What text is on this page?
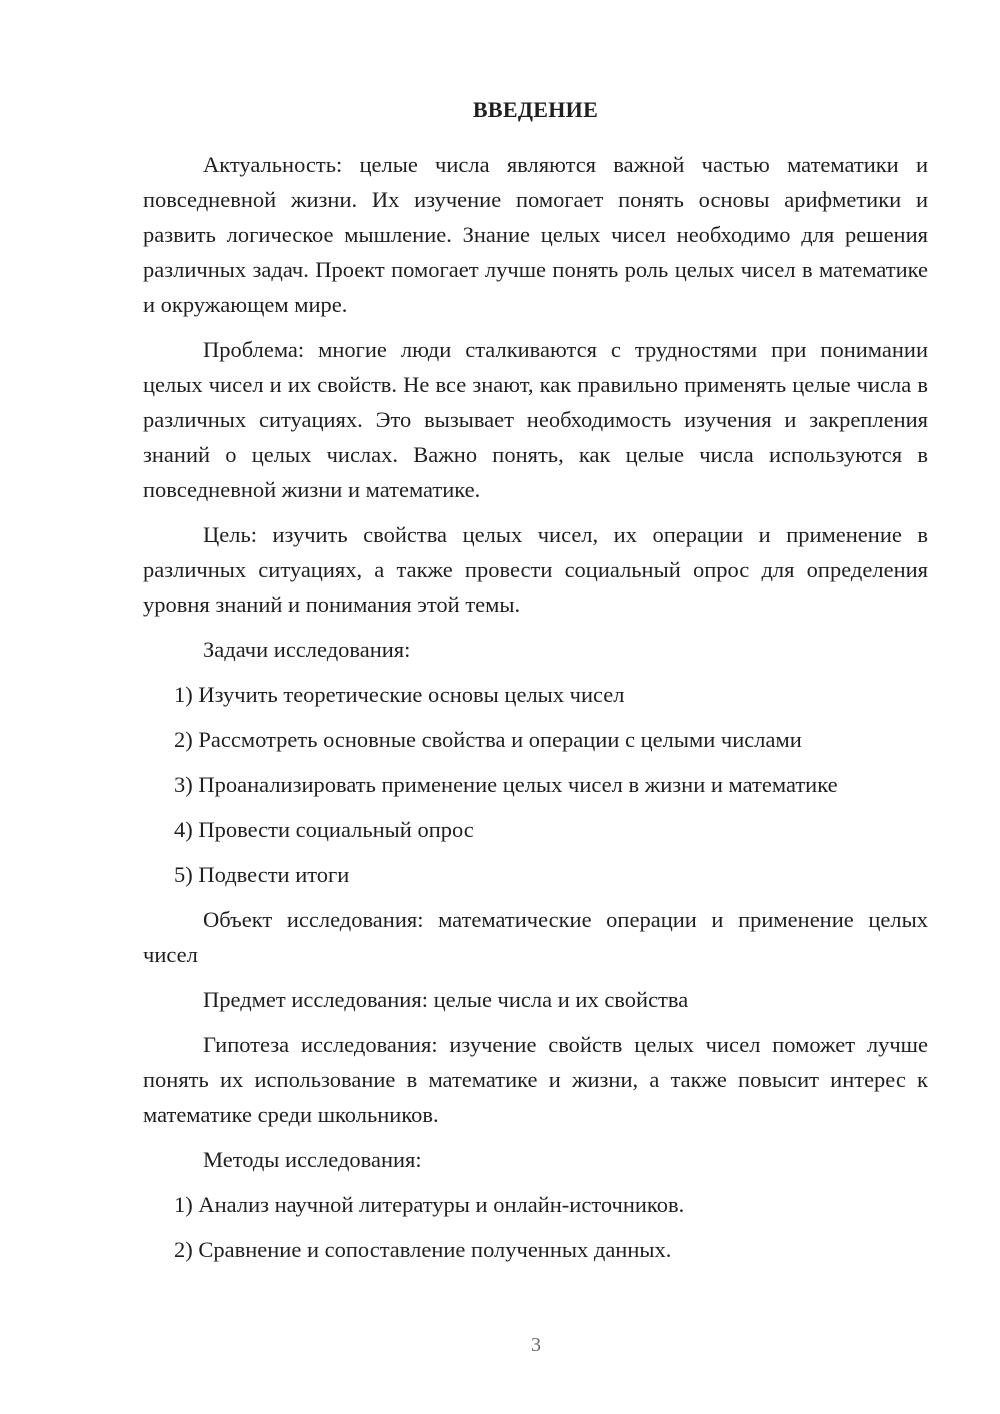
ВВЕДЕНИЕ

Актуальность: целые числа являются важной частью математики и повседневной жизни. Их изучение помогает понять основы арифметики и развить логическое мышление. Знание целых чисел необходимо для решения различных задач. Проект помогает лучше понять роль целых чисел в математике и окружающем мире.

Проблема: многие люди сталкиваются с трудностями при понимании целых чисел и их свойств. Не все знают, как правильно применять целые числа в различных ситуациях. Это вызывает необходимость изучения и закрепления знаний о целых числах. Важно понять, как целые числа используются в повседневной жизни и математике.

Цель: изучить свойства целых чисел, их операции и применение в различных ситуациях, а также провести социальный опрос для определения уровня знаний и понимания этой темы.

Задачи исследования:
1) Изучить теоретические основы целых чисел
2) Рассмотреть основные свойства и операции с целыми числами
3) Проанализировать применение целых чисел в жизни и математике
4) Провести социальный опрос
5) Подвести итоги

Объект исследования: математические операции и применение целых чисел

Предмет исследования: целые числа и их свойства

Гипотеза исследования: изучение свойств целых чисел поможет лучше понять их использование в математике и жизни, а также повысит интерес к математике среди школьников.

Методы исследования:
1) Анализ научной литературы и онлайн-источников.
2) Сравнение и сопоставление полученных данных.
3
